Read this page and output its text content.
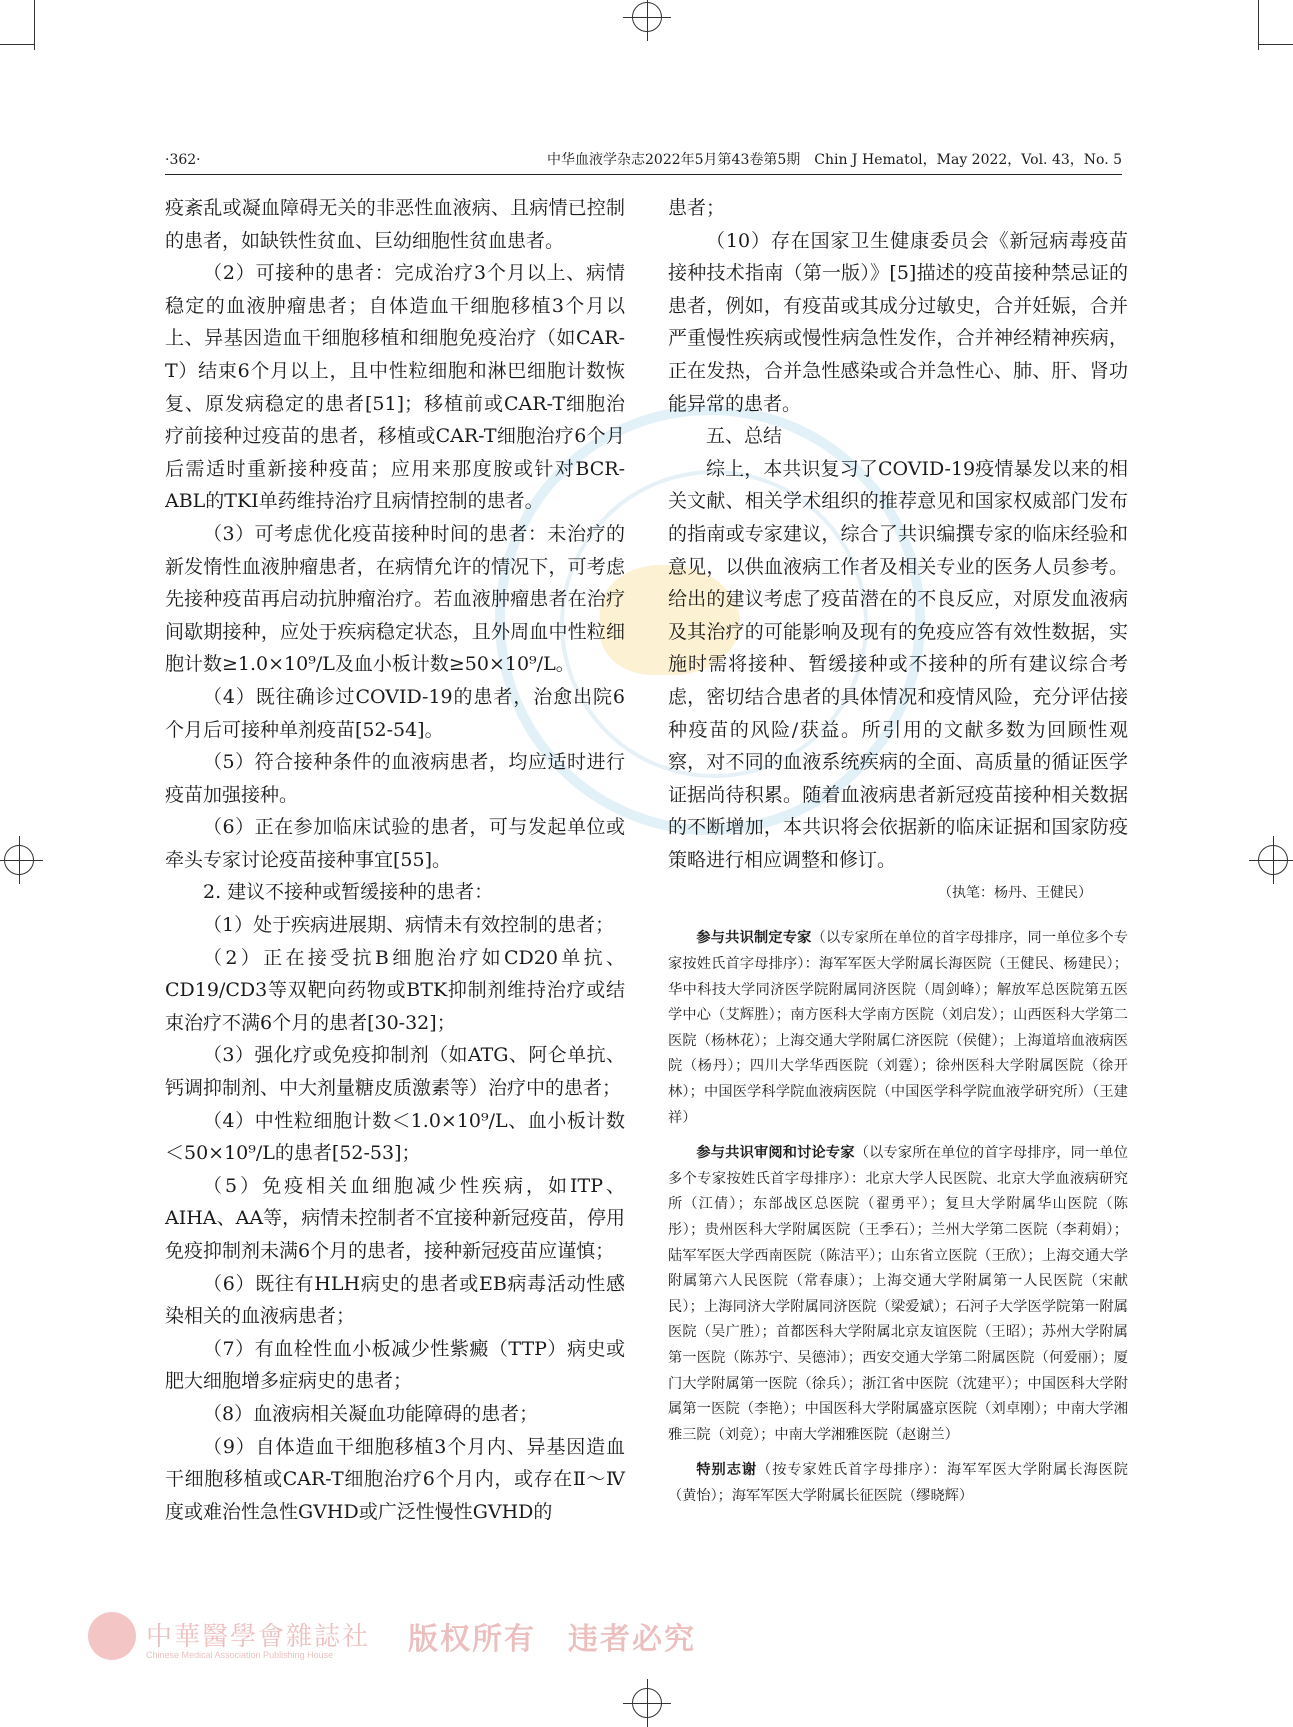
·362·	中华血液学杂志2022年5月第43卷第5期　Chin J Hematol，May 2022，Vol. 43，No. 5

疫紊乱或凝血障碍无关的非恶性血液病、且病情已控制的患者，如缺铁性贫血、巨幼细胞性贫血患者。

（2）可接种的患者：完成治疗3个月以上、病情稳定的血液肿瘤患者；自体造血干细胞移植3个月以上、异基因造血干细胞移植和细胞免疫治疗（如CAR-T）结束6个月以上，且中性粒细胞和淋巴细胞计数恢复、原发病稳定的患者[51]；移植前或CAR-T细胞治疗前接种过疫苗的患者，移植或CAR-T细胞治疗6个月后需适时重新接种疫苗；应用来那度胺或针对BCR-ABL的TKI单药维持治疗且病情控制的患者。

（3）可考虑优化疫苗接种时间的患者：未治疗的新发惰性血液肿瘤患者，在病情允许的情况下，可考虑先接种疫苗再启动抗肿瘤治疗。若血液肿瘤患者在治疗间歇期接种，应处于疾病稳定状态，且外周血中性粒细胞计数≥1.0×10⁹/L及血小板计数≥50×10⁹/L。

（4）既往确诊过COVID-19的患者，治愈出院6个月后可接种单剂疫苗[52-54]。

（5）符合接种条件的血液病患者，均应适时进行疫苗加强接种。

（6）正在参加临床试验的患者，可与发起单位或牵头专家讨论疫苗接种事宜[55]。

2. 建议不接种或暂缓接种的患者：

（1）处于疾病进展期、病情未有效控制的患者；

（2）正在接受抗B细胞治疗如CD20单抗、CD19/CD3等双靶向药物或BTK抑制剂维持治疗或结束治疗不满6个月的患者[30-32]；

（3）强化疗或免疫抑制剂（如ATG、阿仑单抗、钙调抑制剂、中大剂量糖皮质激素等）治疗中的患者；

（4）中性粒细胞计数＜1.0×10⁹/L、血小板计数＜50×10⁹/L的患者[52-53]；

（5）免疫相关血细胞减少性疾病，如ITP、AIHA、AA等，病情未控制者不宜接种新冠疫苗，停用免疫抑制剂未满6个月的患者，接种新冠疫苗应谨慎；

（6）既往有HLH病史的患者或EB病毒活动性感染相关的血液病患者；

（7）有血栓性血小板减少性紫癜（TTP）病史或肥大细胞增多症病史的患者；

（8）血液病相关凝血功能障碍的患者；

（9）自体造血干细胞移植3个月内、异基因造血干细胞移植或CAR-T细胞治疗6个月内，或存在Ⅱ～Ⅳ度或难治性急性GVHD或广泛性慢性GVHD的

患者；

（10）存在国家卫生健康委员会《新冠病毒疫苗接种技术指南（第一版）》[5]描述的疫苗接种禁忌证的患者，例如，有疫苗或其成分过敏史，合并妊娠，合并严重慢性疾病或慢性病急性发作，合并神经精神疾病，正在发热，合并急性感染或合并急性心、肺、肝、肾功能异常的患者。

五、总结

综上，本共识复习了COVID-19疫情暴发以来的相关文献、相关学术组织的推荐意见和国家权威部门发布的指南或专家建议，综合了共识编撰专家的临床经验和意见，以供血液病工作者及相关专业的医务人员参考。给出的建议考虑了疫苗潜在的不良反应，对原发血液病及其治疗的可能影响及现有的免疫应答有效性数据，实施时需将接种、暂缓接种或不接种的所有建议综合考虑，密切结合患者的具体情况和疫情风险，充分评估接种疫苗的风险/获益。所引用的文献多数为回顾性观察，对不同的血液系统疾病的全面、高质量的循证医学证据尚待积累。随着血液病患者新冠疫苗接种相关数据的不断增加，本共识将会依据新的临床证据和国家防疫策略进行相应调整和修订。

（执笔：杨丹、王健民）

参与共识制定专家（以专家所在单位的首字母排序，同一单位多个专家按姓氏首字母排序）：海军军医大学附属长海医院（王健民、杨建民）；华中科技大学同济医学院附属同济医院（周剑峰）；解放军总医院第五医学中心（艾辉胜）；南方医科大学南方医院（刘启发）；山西医科大学第二医院（杨林花）；上海交通大学附属仁济医院（侯健）；上海道培血液病医院（杨丹）；四川大学华西医院（刘霆）；徐州医科大学附属医院（徐开林）；中国医学科学院血液病医院（中国医学科学院血液学研究所）（王建祥）

参与共识审阅和讨论专家（以专家所在单位的首字母排序，同一单位多个专家按姓氏首字母排序）：北京大学人民医院、北京大学血液病研究所（江倩）；东部战区总医院（翟勇平）；复旦大学附属华山医院（陈彤）；贵州医科大学附属医院（王季石）；兰州大学第二医院（李莉娟）；陆军军医大学西南医院（陈洁平）；山东省立医院（王欣）；上海交通大学附属第六人民医院（常春康）；上海交通大学附属第一人民医院（宋献民）；上海同济大学附属同济医院（梁爱斌）；石河子大学医学院第一附属医院（吴广胜）；首都医科大学附属北京友谊医院（王昭）；苏州大学附属第一医院（陈苏宁、吴德沛）；西安交通大学第二附属医院（何爱丽）；厦门大学附属第一医院（徐兵）；浙江省中医院（沈建平）；中国医科大学附属第一医院（李艳）；中国医科大学附属盛京医院（刘卓刚）；中南大学湘雅三院（刘竞）；中南大学湘雅医院（赵谢兰）

特别志谢（按专家姓氏首字母排序）：海军军医大学附属长海医院（黄怡）；海军军医大学附属长征医院（缪晓辉）

中華醫學會雜誌社
Chinese Medical Association Publishing House 版权所有　违者必究
